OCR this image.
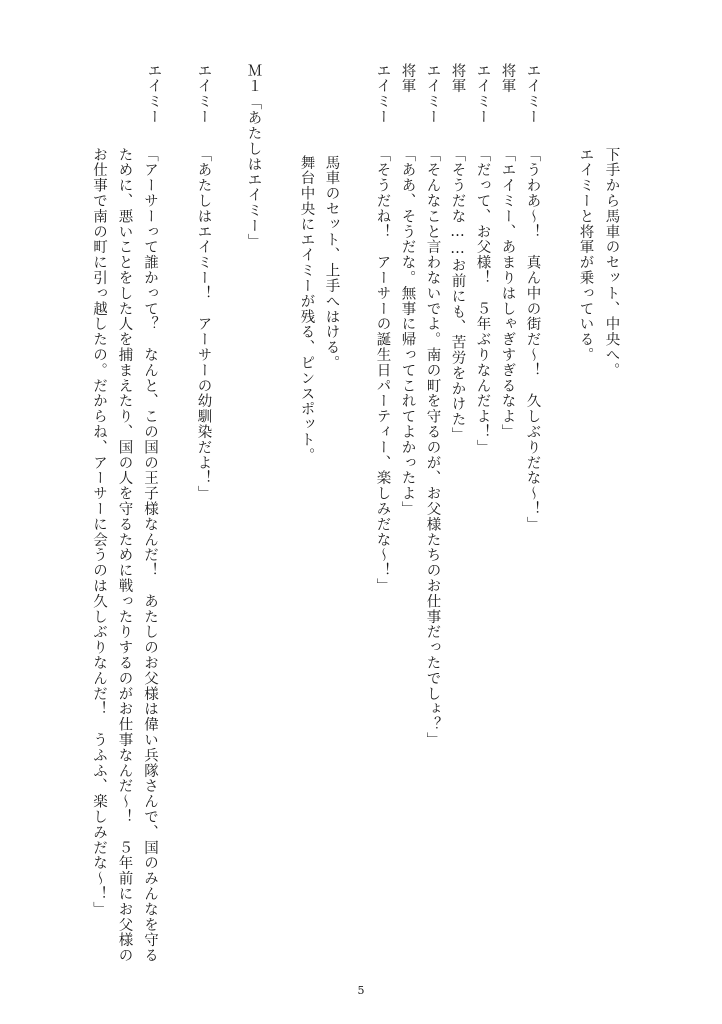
下手から馬車のセット、中央へ。
エイミーと将軍が乗っている。
エイミー
「そうだね！　アーサーの誕生日パーティー、楽しみだな～！」
将軍
「ああ、そうだな。無事に帰ってこれてよかったよ」
エイミー
「そんなこと言わないでよ。南の町を守るのが、お父様たちのお仕事だったでしょ？」
将軍
「そうだな……お前にも、苦労をかけた」
エイミー
「だって、お父様！　５年ぶりなんだよ！」
将軍
「エイミー、あまりはしゃぎすぎるなよ」
エイミー
「うわあ～！　真ん中の街だ～！　久しぶりだな～！」
馬車のセット、上手へはける。
舞台中央にエイミーが残る、ピンスポット。
Ｍ１
「あたしはエイミー」
エイミー
「あたしはエイミー！　アーサーの幼馴染だよ！」
エイミー
「アーサーって誰かって？　なんと、この国の王子様なんだ！　あたしのお父様は偉い兵隊さんで、国のみんなを守るために、悪いことをした人を捕まえたり、国の人を守るために戦ったりするのがお仕事なんだ～！　５年前にお父様のお仕事で南の町に引っ越したの。だからね、アーサーに会うのは久しぶりなんだ！　うふふ、楽しみだな～！」
5
